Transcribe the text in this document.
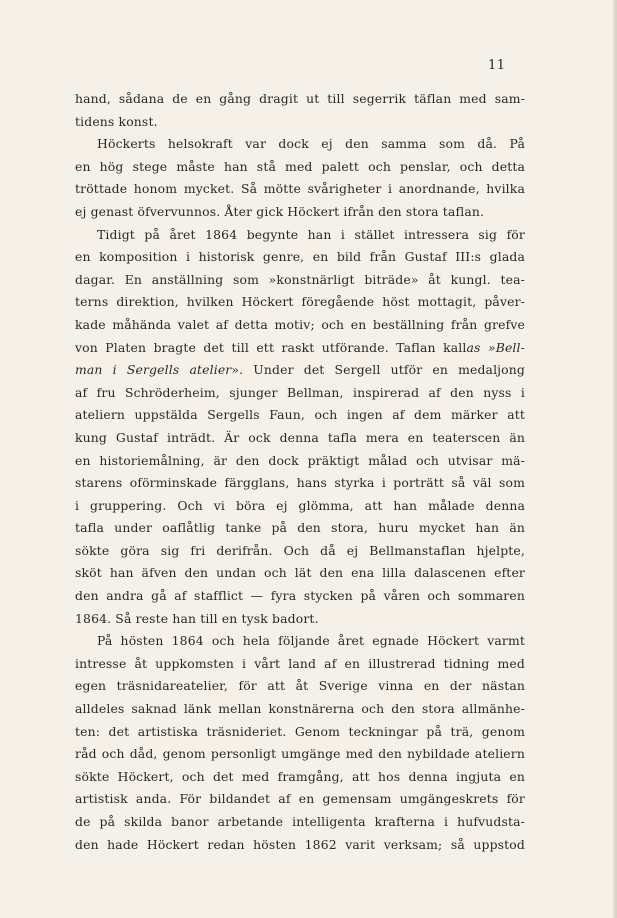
11
hand, sådana de en gång dragit ut till segerrik täflan med sam-
tidens konst.
Höckerts helsokraft var dock ej den samma som då. På
en hög stege måste han stå med palett och penslar, och detta
tröttade honom mycket. Så mötte svårigheter i anordnande, hvilka
ej genast öfvervunnos. Åter gick Höckert ifrån den stora taflan.
Tidigt på året 1864 begynte han i stället intressera sig för
en komposition i historisk genre, en bild från Gustaf III:s glada
dagar. En anställning som »konstnärligt biträde» åt kungl. tea-
terns direktion, hvilken Höckert föregående höst mottagit, påver-
kade måhända valet af detta motiv; och en beställning från grefve
von Platen bragte det till ett raskt utförande. Taflan kallas »Bell-
man i Sergells atelier». Under det Sergell utför en medaljong
af fru Schröderheim, sjunger Bellman, inspirerad af den nyss i
ateliern uppstälda Sergells Faun, och ingen af dem märker att
kung Gustaf inträdt. Är ock denna tafla mera en teaterscen än
en historiemålning, är den dock präktigt målad och utvisar mä-
starens oförminskade färgglans, hans styrka i porträtt så väl som
i gruppering. Och vi böra ej glömma, att han målade denna
tafla under oaflåtlig tanke på den stora, huru mycket han än
sökte göra sig fri derifrån. Och då ej Bellmanstaflan hjelpte,
sköt han äfven den undan och lät den ena lilla dalascenen efter
den andra gå af stafflict — fyra stycken på våren och sommaren
1864. Så reste han till en tysk badort.
På hösten 1864 och hela följande året egnade Höckert varmt
intresse åt uppkomsten i vårt land af en illustrerad tidning med
egen träsnidareatelier, för att åt Sverige vinna en der nästan
alldeles saknad länk mellan konstnärerna och den stora allmänhe-
ten: det artistiska träsnideriet. Genom teckningar på trä, genom
råd och dåd, genom personligt umgänge med den nybildade ateliern
sökte Höckert, och det med framgång, att hos denna ingjuta en
artistisk anda. För bildandet af en gemensam umgängeskrets för
de på skilda banor arbetande intelligenta krafterna i hufvudsta-
den hade Höckert redan hösten 1862 varit verksam; så uppstod
